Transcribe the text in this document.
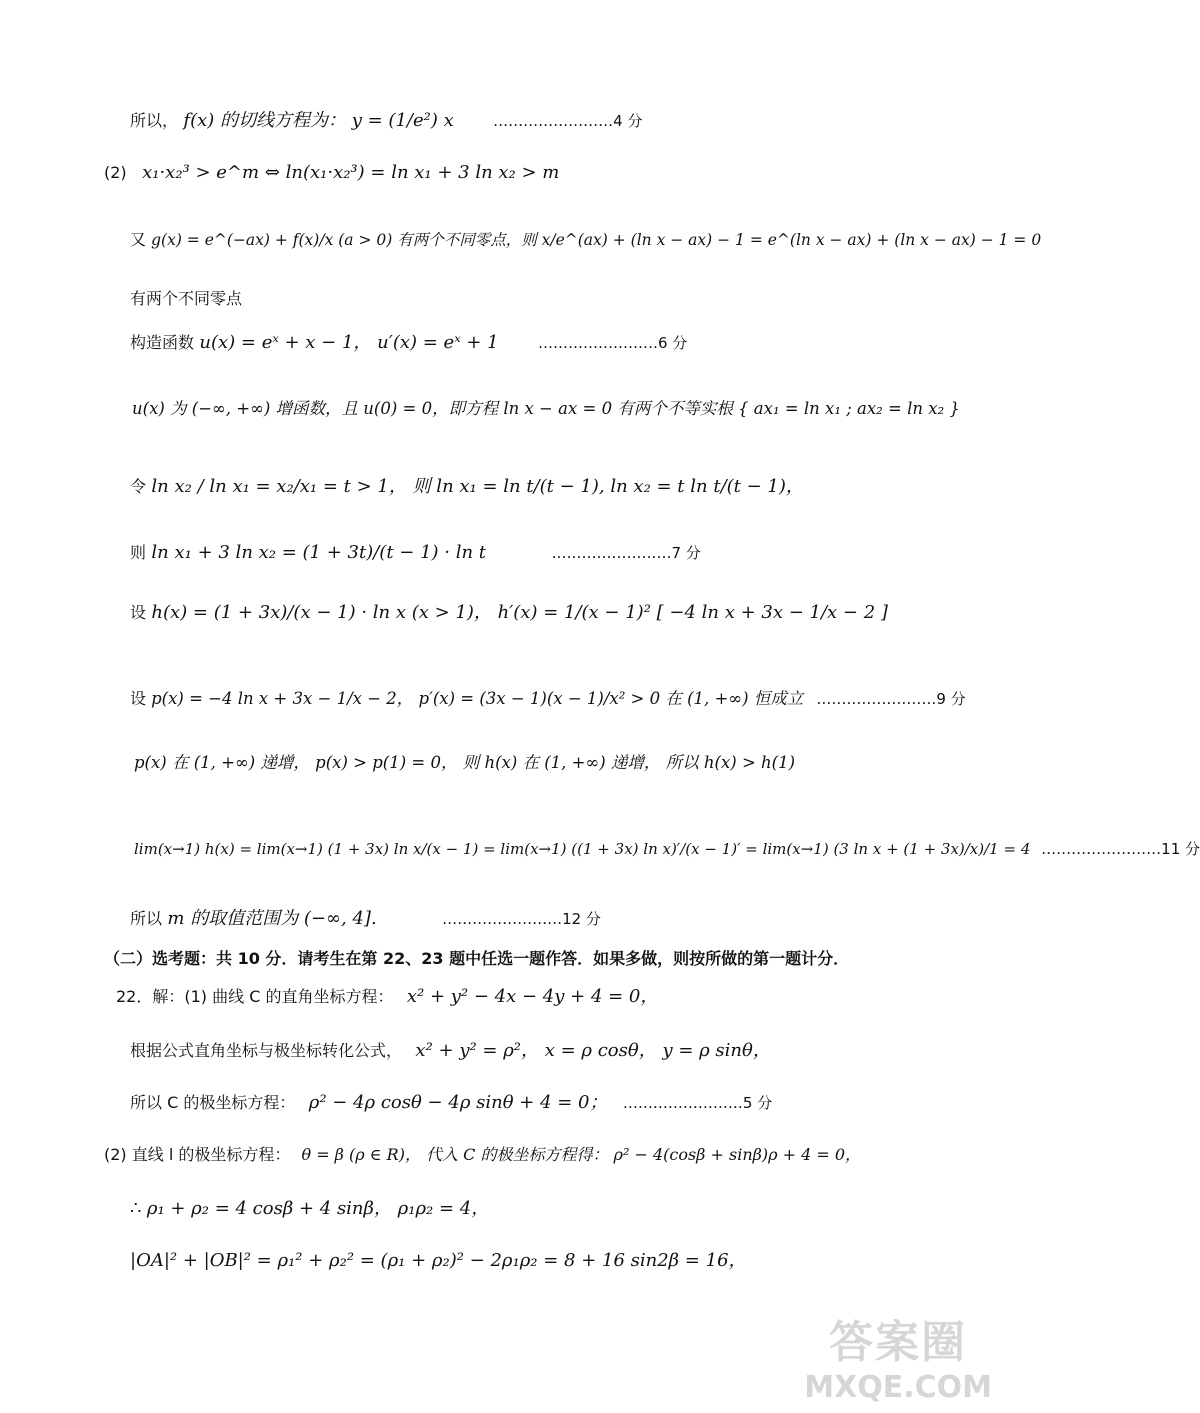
所以， f(x) 的切线方程为： y = (1/e²) x	……………………4 分
(2) x₁·x₂³ > e^m ⇔ ln(x₁·x₂³) = ln x₁ + 3 ln x₂ > m
又 g(x) = e^(−ax) + f(x)/x (a > 0) 有两个不同零点，则 x/e^(ax) + (ln x − ax) − 1 = e^(ln x − ax) + (ln x − ax) − 1 = 0
有两个不同零点
构造函数 u(x) = eˣ + x − 1， u′(x) = eˣ + 1	……………………6 分
u(x) 为 (−∞, +∞) 增函数，且 u(0) = 0，即方程 ln x − ax = 0 有两个不等实根 { ax₁ = ln x₁ ; ax₂ = ln x₂ }
令 ln x₂ / ln x₁ = x₂/x₁ = t > 1， 则 ln x₁ = ln t/(t − 1), ln x₂ = t ln t/(t − 1)，
则 ln x₁ + 3 ln x₂ = (1 + 3t)/(t − 1) · ln t	……………………7 分
设 h(x) = (1 + 3x)/(x − 1) · ln x (x > 1)， h′(x) = 1/(x − 1)² [ −4 ln x + 3x − 1/x − 2 ]
设 p(x) = −4 ln x + 3x − 1/x − 2， p′(x) = (3x − 1)(x − 1)/x² > 0 在 (1, +∞) 恒成立 ……………………9 分
p(x) 在 (1, +∞) 递增， p(x) > p(1) = 0， 则 h(x) 在 (1, +∞) 递增， 所以 h(x) > h(1)
lim(x→1) h(x) = lim(x→1) (1 + 3x) ln x/(x − 1) = lim(x→1) ((1 + 3x) ln x)′/(x − 1)′ = lim(x→1) (3 ln x + (1 + 3x)/x)/1 = 4 ……………………11 分
所以 m 的取值范围为 (−∞, 4].	……………………12 分
（二）选考题：共 10 分．请考生在第 22、23 题中任选一题作答．如果多做，则按所做的第一题计分．
22．解：(1) 曲线 C 的直角坐标方程： x² + y² − 4x − 4y + 4 = 0，
根据公式直角坐标与极坐标转化公式， x² + y² = ρ²， x = ρ cosθ， y = ρ sinθ，
所以 C 的极坐标方程： ρ² − 4ρ cosθ − 4ρ sinθ + 4 = 0； ……………………5 分
(2) 直线 l 的极坐标方程： θ = β (ρ ∈ R)， 代入 C 的极坐标方程得： ρ² − 4(cosβ + sinβ)ρ + 4 = 0，
∴ ρ₁ + ρ₂ = 4 cosβ + 4 sinβ， ρ₁ρ₂ = 4，
|OA|² + |OB|² = ρ₁² + ρ₂² = (ρ₁ + ρ₂)² − 2ρ₁ρ₂ = 8 + 16 sin2β = 16，
答案圈
MXQE.COM
